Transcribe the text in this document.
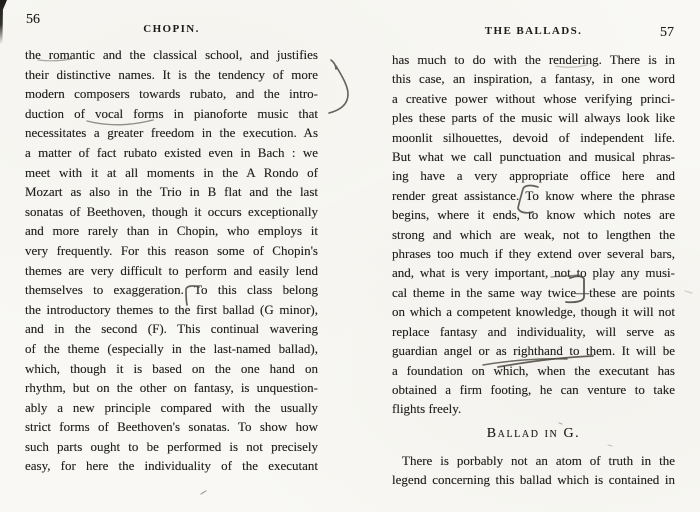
56
CHOPIN.
the romantic and the classical school, and justifies
their distinctive names. It is the tendency of more
modern composers towards rubato, and the intro-
duction of vocal forms in pianoforte music that
necessitates a greater freedom in the execution. As
a matter of fact rubato existed even in Bach : we
meet with it at all moments in the A Rondo of
Mozart as also in the Trio in B flat and the last
sonatas of Beethoven, though it occurs exceptionally
and more rarely than in Chopin, who employs it
very frequently. For this reason some of Chopin's
themes are very difficult to perform and easily lend
themselves to exaggeration. To this class belong
the introductory themes to the first ballad (G minor),
and in the second (F). This continual wavering
of the theme (especially in the last-named ballad),
which, though it is based on the one hand on
rhythm, but on the other on fantasy, is unquestion-
ably a new principle compared with the usually
strict forms of Beethoven's sonatas. To show how
such parts ought to be performed is not precisely
easy, for here the individuality of the executant
THE BALLADS.	57
has much to do with the rendering. There is in
this case, an inspiration, a fantasy, in one word
a creative power without whose verifying princi-
ples these parts of the music will always look like
moonlit silhouettes, devoid of independent life.
But what we call punctuation and musical phras-
ing have a very appropriate office here and
render great assistance. To know where the phrase
begins, where it ends, to know which notes are
strong and which are weak, not to lengthen the
phrases too much if they extend over several bars,
and, what is very important, not to play any musi-
cal theme in the same way twice—these are points
on which a competent knowledge, though it will not
replace fantasy and individuality, will serve as
guardian angel or as righthand to them. It will be
a foundation on which, when the executant has
obtained a firm footing, he can venture to take
flights freely.
Ballad in G.
There is porbably not an atom of truth in the
legend concerning this ballad which is contained in
